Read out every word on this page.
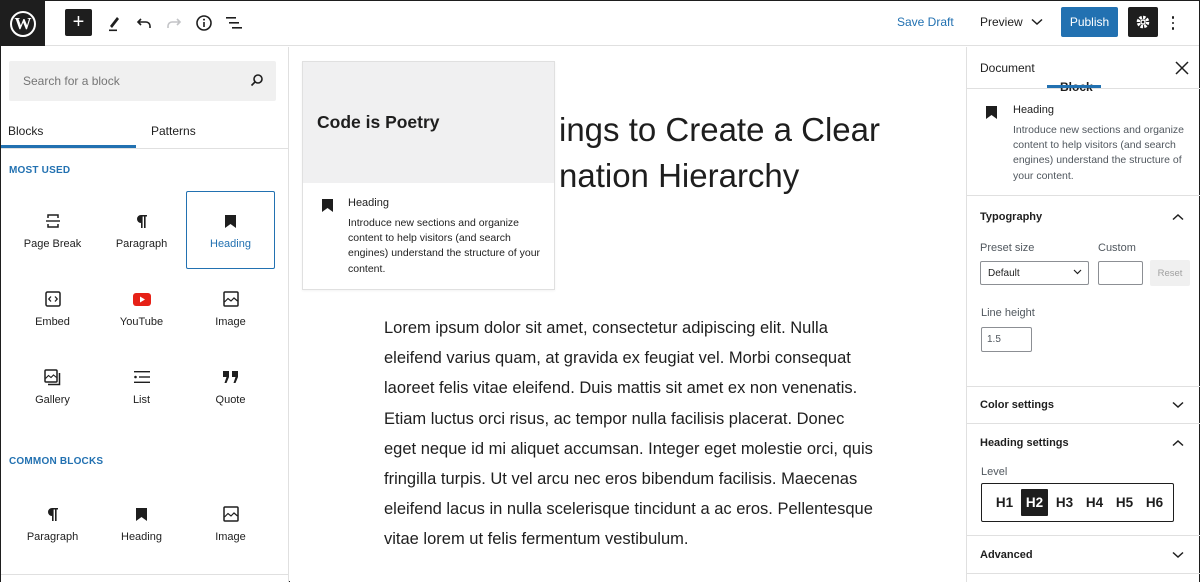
W +	Save Draft Preview	Publish
Search for a block
Blocks	Patterns
MOST USED
Page Break	Paragraph	Heading
Embed	YouTube	Image
Gallery	List	Quote
COMMON BLOCKS
Paragraph	Heading	Image
ings to Create a Clear
nation Hierarchy

Lorem ipsum dolor sit amet, consectetur adipiscing elit. Nulla eleifend varius quam, at gravida ex feugiat vel. Morbi consequat laoreet felis vitae eleifend. Duis mattis sit amet ex non venenatis. Etiam luctus orci risus, ac tempor nulla facilisis placerat. Donec eget neque id mi aliquet accumsan. Integer eget molestie orci, quis fringilla turpis. Ut vel arcu nec eros bibendum facilisis. Maecenas eleifend lacus in nulla scelerisque tincidunt a ac eros. Pellentesque vitae lorem ut felis fermentum vestibulum.

Code is Poetry
Heading
Introduce new sections and organize content to help visitors (and search engines) understand the structure of your content.
Document
Heading
Introduce new sections and organize content to help visitors (and search engines) understand the structure of your content.
Typography
Preset size	Custom
Default	Reset
Line height
1.5
Color settings
Heading settings
Level
H1 H2 H3 H4 H5 H6
Advanced
